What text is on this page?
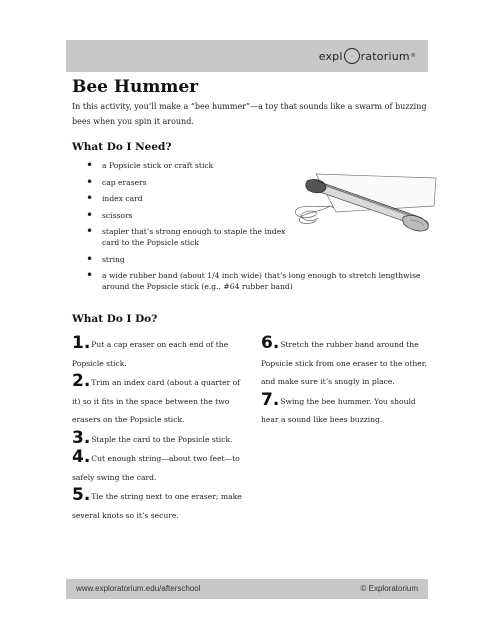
expl ratorium ®
Bee Hummer

In this activity, you’ll make a “bee hummer”—a toy that sounds like a swarm of buzzing bees when you spin it around.

What Do I Need?
• a Popsicle stick or craft stick
• cap erasers
• index card
• scissors
• stapler that’s strong enough to staple the index card to the Popsicle stick
• string
• a wide rubber band (about 1/4 inch wide) that’s long enough to stretch lengthwise around the Popsicle stick (e.g., #64 rubber band)
What Do I Do?
1.Put a cap eraser on each end of the Popsicle stick.
2.Trim an index card (about a quarter of it) so it fits in the space between the two erasers on the Popsicle stick.
3.Staple the card to the Popsicle stick.
4.Cut enough string—about two feet—to safely swing the card.
5.Tie the string next to one eraser; make several knots so it’s secure.
6.Stretch the rubber band around the Popsicle stick from one eraser to the other, and make sure it’s snugly in place.
7.Swing the bee hummer. You should hear a sound like bees buzzing.
www.exploratorium.edu/afterschool	© Exploratorium
